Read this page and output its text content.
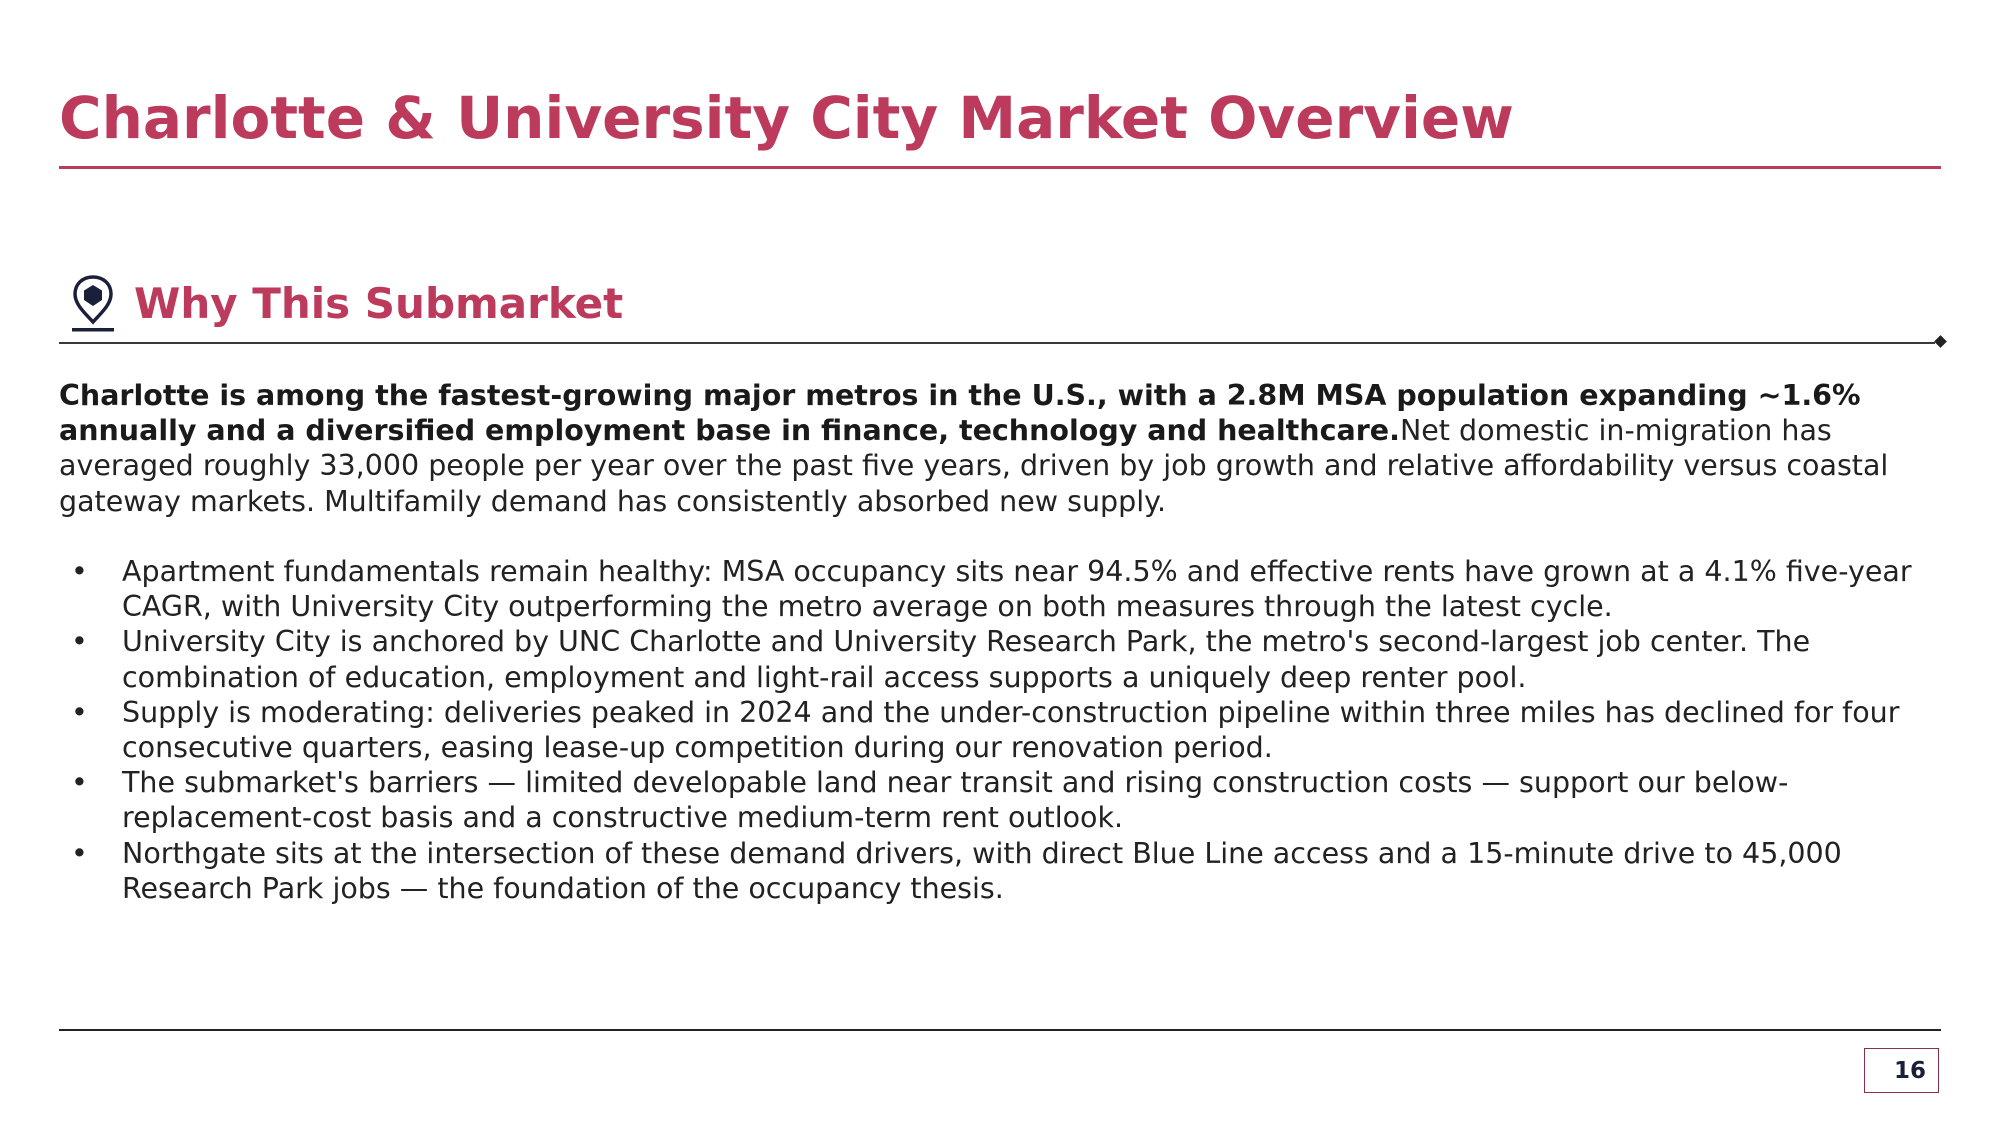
Charlotte & University City Market Overview
Why This Submarket

Charlotte is among the fastest-growing major metros in the U.S., with a 2.8M MSA population expanding ~1.6% annually and a diversified employment base in finance, technology and healthcare.Net domestic in-migration has averaged roughly 33,000 people per year over the past five years, driven by job growth and relative affordability versus coastal gateway markets. Multifamily demand has consistently absorbed new supply.

• Apartment fundamentals remain healthy: MSA occupancy sits near 94.5% and effective rents have grown at a 4.1% five-year CAGR, with University City outperforming the metro average on both measures through the latest cycle.
• University City is anchored by UNC Charlotte and University Research Park, the metro's second-largest job center. The combination of education, employment and light-rail access supports a uniquely deep renter pool.
• Supply is moderating: deliveries peaked in 2024 and the under-construction pipeline within three miles has declined for four consecutive quarters, easing lease-up competition during our renovation period.
• The submarket's barriers — limited developable land near transit and rising construction costs — support our below-replacement-cost basis and a constructive medium-term rent outlook.
• Northgate sits at the intersection of these demand drivers, with direct Blue Line access and a 15-minute drive to 45,000 Research Park jobs — the foundation of the occupancy thesis.
16
